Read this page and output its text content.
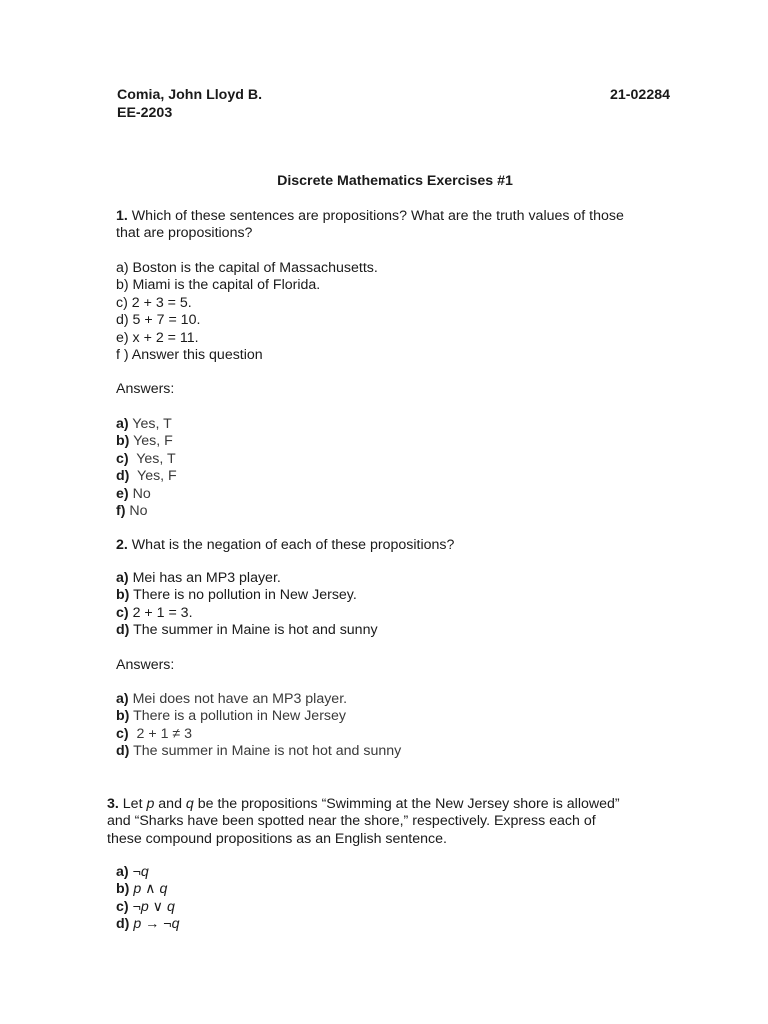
Comia, John Lloyd B.	21-02284
EE-2203
Discrete Mathematics Exercises #1
1. Which of these sentences are propositions? What are the truth values of those
that are propositions?
a) Boston is the capital of Massachusetts.
b) Miami is the capital of Florida.
c) 2 + 3 = 5.
d) 5 + 7 = 10.
e) x + 2 = 11.
f ) Answer this question
Answers:
a) Yes, T
b) Yes, F
c)  Yes, T
d)  Yes, F
e) No
f) No
2. What is the negation of each of these propositions?
a) Mei has an MP3 player.
b) There is no pollution in New Jersey.
c) 2 + 1 = 3.
d) The summer in Maine is hot and sunny
Answers:
a) Mei does not have an MP3 player.
b) There is a pollution in New Jersey
c)  2 + 1 ≠ 3
d) The summer in Maine is not hot and sunny
3. Let p and q be the propositions “Swimming at the New Jersey shore is allowed”
and “Sharks have been spotted near the shore,” respectively. Express each of
these compound propositions as an English sentence.
a) ¬q
b) p ∧ q
c) ¬p ∨ q
d) p → ¬q
